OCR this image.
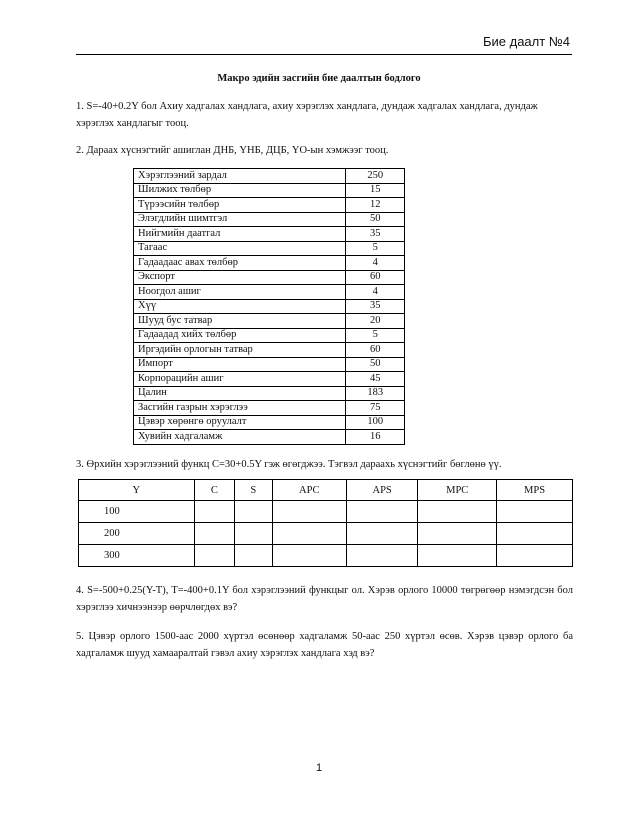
Бие даалт №4
Макро эдийн засгийн бие даалтын бодлого
1. S=-40+0.2Y бол Ахиу хадгалах хандлага, ахиу хэрэглэх хандлага, дундаж хадгалах хандлага, дундаж хэрэглэх хандлагыг тооц.
2. Дараах хүснэгтийг ашиглан ДНБ, ҮНБ, ДЦБ, ҮО-ын хэмжээг тооц.
Хэрэглээний зардал	250
Шилжих төлбөр	15
Түрээсийн төлбөр	12
Элэгдлийн шимтгэл	50
Нийгмийн даатгал	35
Тагаас	5
Гадаадаас авах төлбөр	4
Экспорт	60
Ноогдол ашиг	4
Хүү	35
Шууд бус татвар	20
Гадаадад хийх төлбөр	5
Иргэдийн орлогын татвар	60
Импорт	50
Корпорацийн ашиг	45
Цалин	183
Засгийн газрын хэрэглээ	75
Цэвэр хөрөнгө оруулалт	100
Хувийн хадгаламж	16
3. Өрхийн хэрэглээний функц C=30+0.5Y гэж өгөгджээ. Тэгвэл дараахь хүснэгтийг бөглөнө үү.
Y	C	S	APC	APS	MPC	MPS
100						
200						
300						
4. S=-500+0.25(Y-T), T=-400+0.1Y бол хэрэглээний функцыг ол. Хэрэв орлого 10000 төгрөгөөр нэмэгдсэн бол хэрэглээ хичнээнээр өөрчлөгдөх вэ?
5. Цэвэр орлого 1500-аас 2000 хүртэл өсөнөөр хадгаламж 50-аас 250 хүртэл өсөв. Хэрэв цэвэр орлого ба хадгаламж шууд хамааралтай гэвэл ахиу хэрэглэх хандлага хэд вэ?
1
